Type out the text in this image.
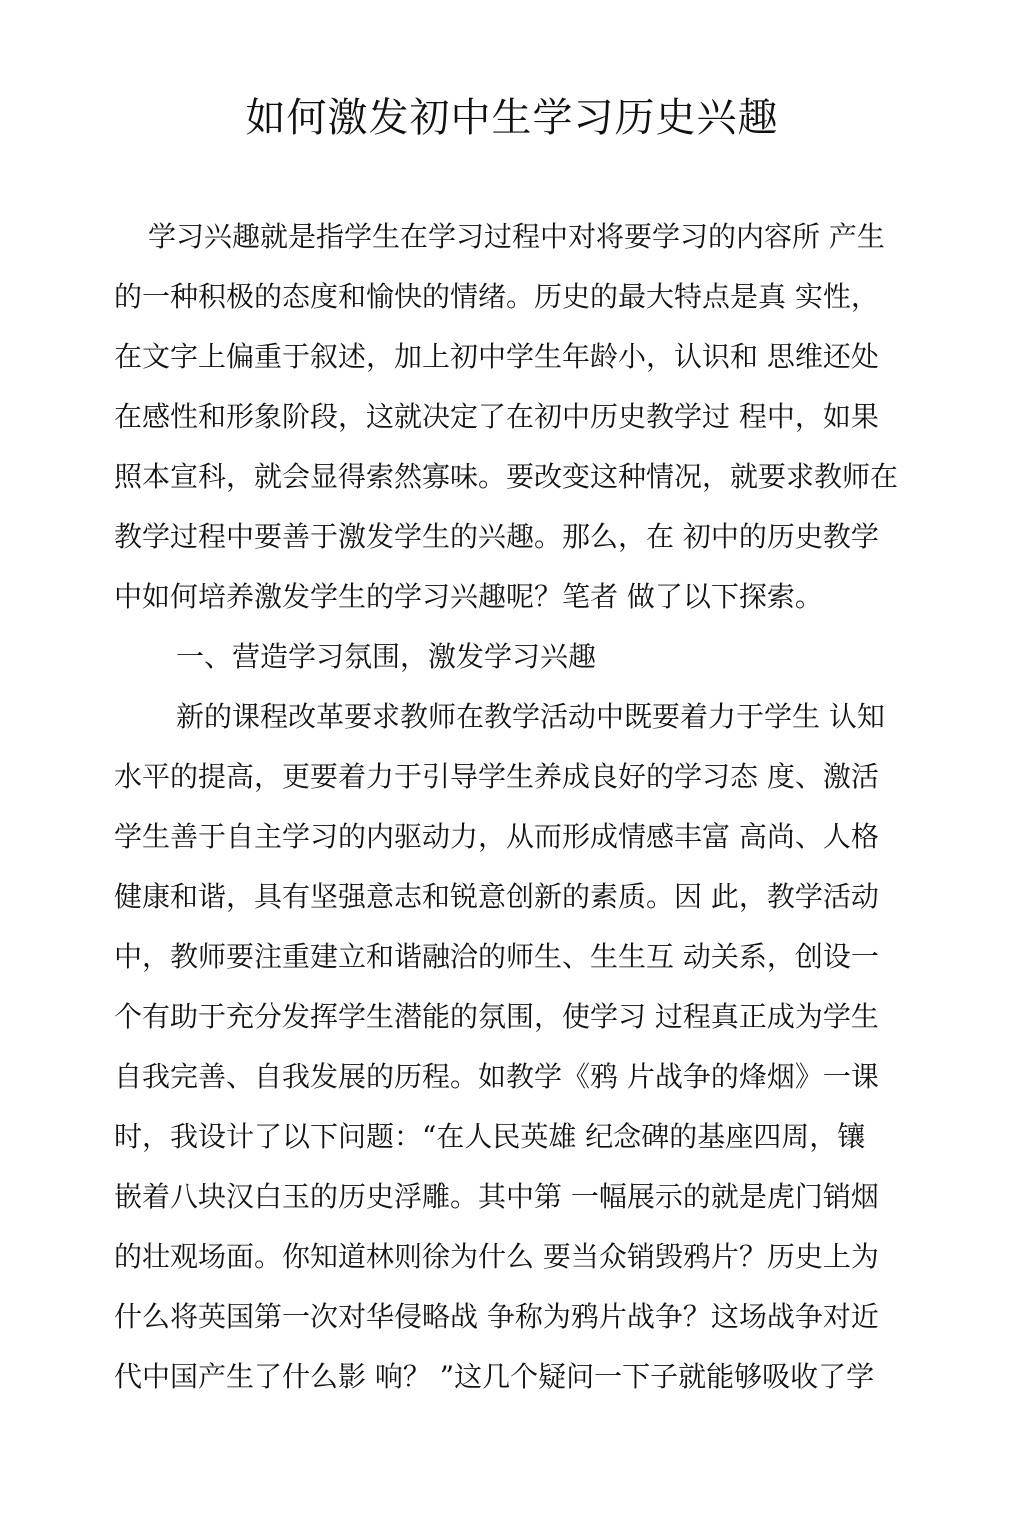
如何激发初中生学习历史兴趣

学习兴趣就是指学生在学习过程中对将要学习的内容所 产生

的一种积极的态度和愉快的情绪。历史的最大特点是真 实性，

在文字上偏重于叙述，加上初中学生年龄小，认识和 思维还处

在感性和形象阶段，这就决定了在初中历史教学过 程中，如果

照本宣科，就会显得索然寡味。要改变这种情况，就要求教师在

教学过程中要善于激发学生的兴趣。那么，在 初中的历史教学

中如何培养激发学生的学习兴趣呢？笔者 做了以下探索。

一、营造学习氛围，激发学习兴趣

新的课程改革要求教师在教学活动中既要着力于学生 认知

水平的提高，更要着力于引导学生养成良好的学习态 度、激活

学生善于自主学习的内驱动力，从而形成情感丰富 高尚、人格

健康和谐，具有坚强意志和锐意创新的素质。因 此，教学活动

中，教师要注重建立和谐融洽的师生、生生互 动关系，创设一

个有助于充分发挥学生潜能的氛围，使学习 过程真正成为学生

自我完善、自我发展的历程。如教学《鸦 片战争的烽烟》一课

时，我设计了以下问题：“在人民英雄 纪念碑的基座四周，镶

嵌着八块汉白玉的历史浮雕。其中第 一幅展示的就是虎门销烟

的壮观场面。你知道林则徐为什么 要当众销毁鸦片？历史上为

什么将英国第一次对华侵略战 争称为鸦片战争？这场战争对近

代中国产生了什么影 响？ ”这几个疑问一下子就能够吸收了学
